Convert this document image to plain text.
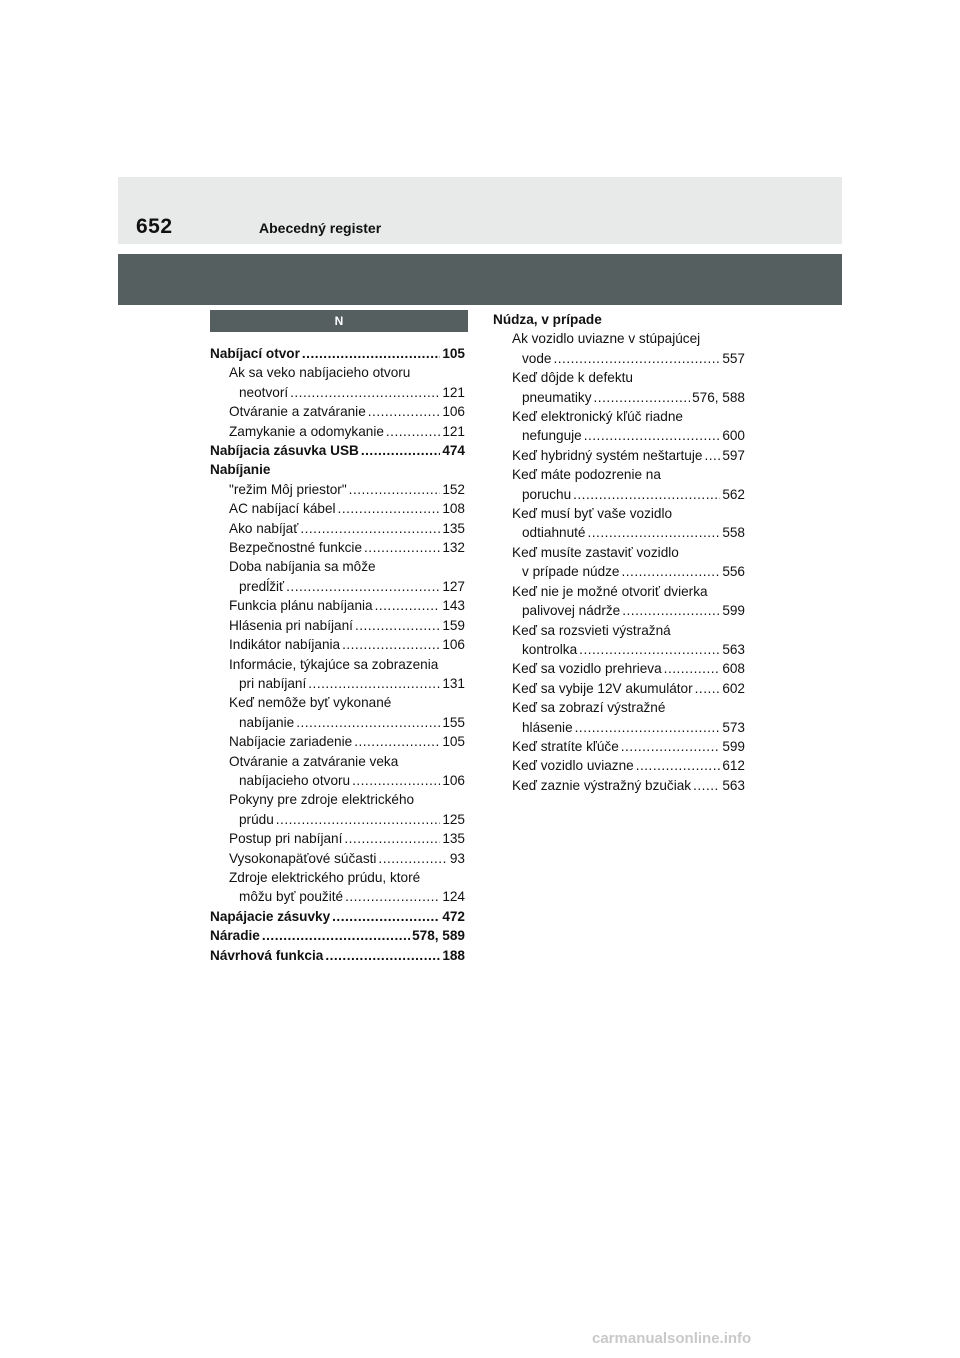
652	Abecedný register
N
Nabíjací otvor .....	105
Ak sa veko nabíjacieho otvoru
neotvorí .....	121
Otváranie a zatváranie .....	106
Zamykanie a odomykanie .....	121
Nabíjacia zásuvka USB .....	474
Nabíjanie
"režim Môj priestor" .....	152
AC nabíjací kábel .....	108
Ako nabíjať .....	135
Bezpečnostné funkcie .....	132
Doba nabíjania sa môže
predĺžiť .....	127
Funkcia plánu nabíjania .....	143
Hlásenia pri nabíjaní .....	159
Indikátor nabíjania .....	106
Informácie, týkajúce sa zobrazenia
pri nabíjaní .....	131
Keď nemôže byť vykonané
nabíjanie .....	155
Nabíjacie zariadenie .....	105
Otváranie a zatváranie veka
nabíjacieho otvoru .....	106
Pokyny pre zdroje elektrického
prúdu .....	125
Postup pri nabíjaní .....	135
Vysokonapäťové súčasti .....	93
Zdroje elektrického prúdu, ktoré
môžu byť použité .....	124
Napájacie zásuvky .....	472
Náradie .....	578, 589
Návrhová funkcia .....	188
Núdza, v prípade
Ak vozidlo uviazne v stúpajúcej
vode .....	557
Keď dôjde k defektu
pneumatiky .....	576, 588
Keď elektronický kľúč riadne
nefunguje .....	600
Keď hybridný systém neštartuje ..... 597
Keď máte podozrenie na
poruchu .....	562
Keď musí byť vaše vozidlo
odtiahnuté .....	558
Keď musíte zastaviť vozidlo
v prípade núdze .....	556
Keď nie je možné otvoriť dvierka
palivovej nádrže .....	599
Keď sa rozsvieti výstražná
kontrolka .....	563
Keď sa vozidlo prehrieva .....	608
Keď sa vybije 12V akumulátor ..... 602
Keď sa zobrazí výstražné
hlásenie .....	573
Keď stratíte kľúče .....	599
Keď vozidlo uviazne .....	612
Keď zaznie výstražný bzučiak ..... 563
carmanualsonline.info
